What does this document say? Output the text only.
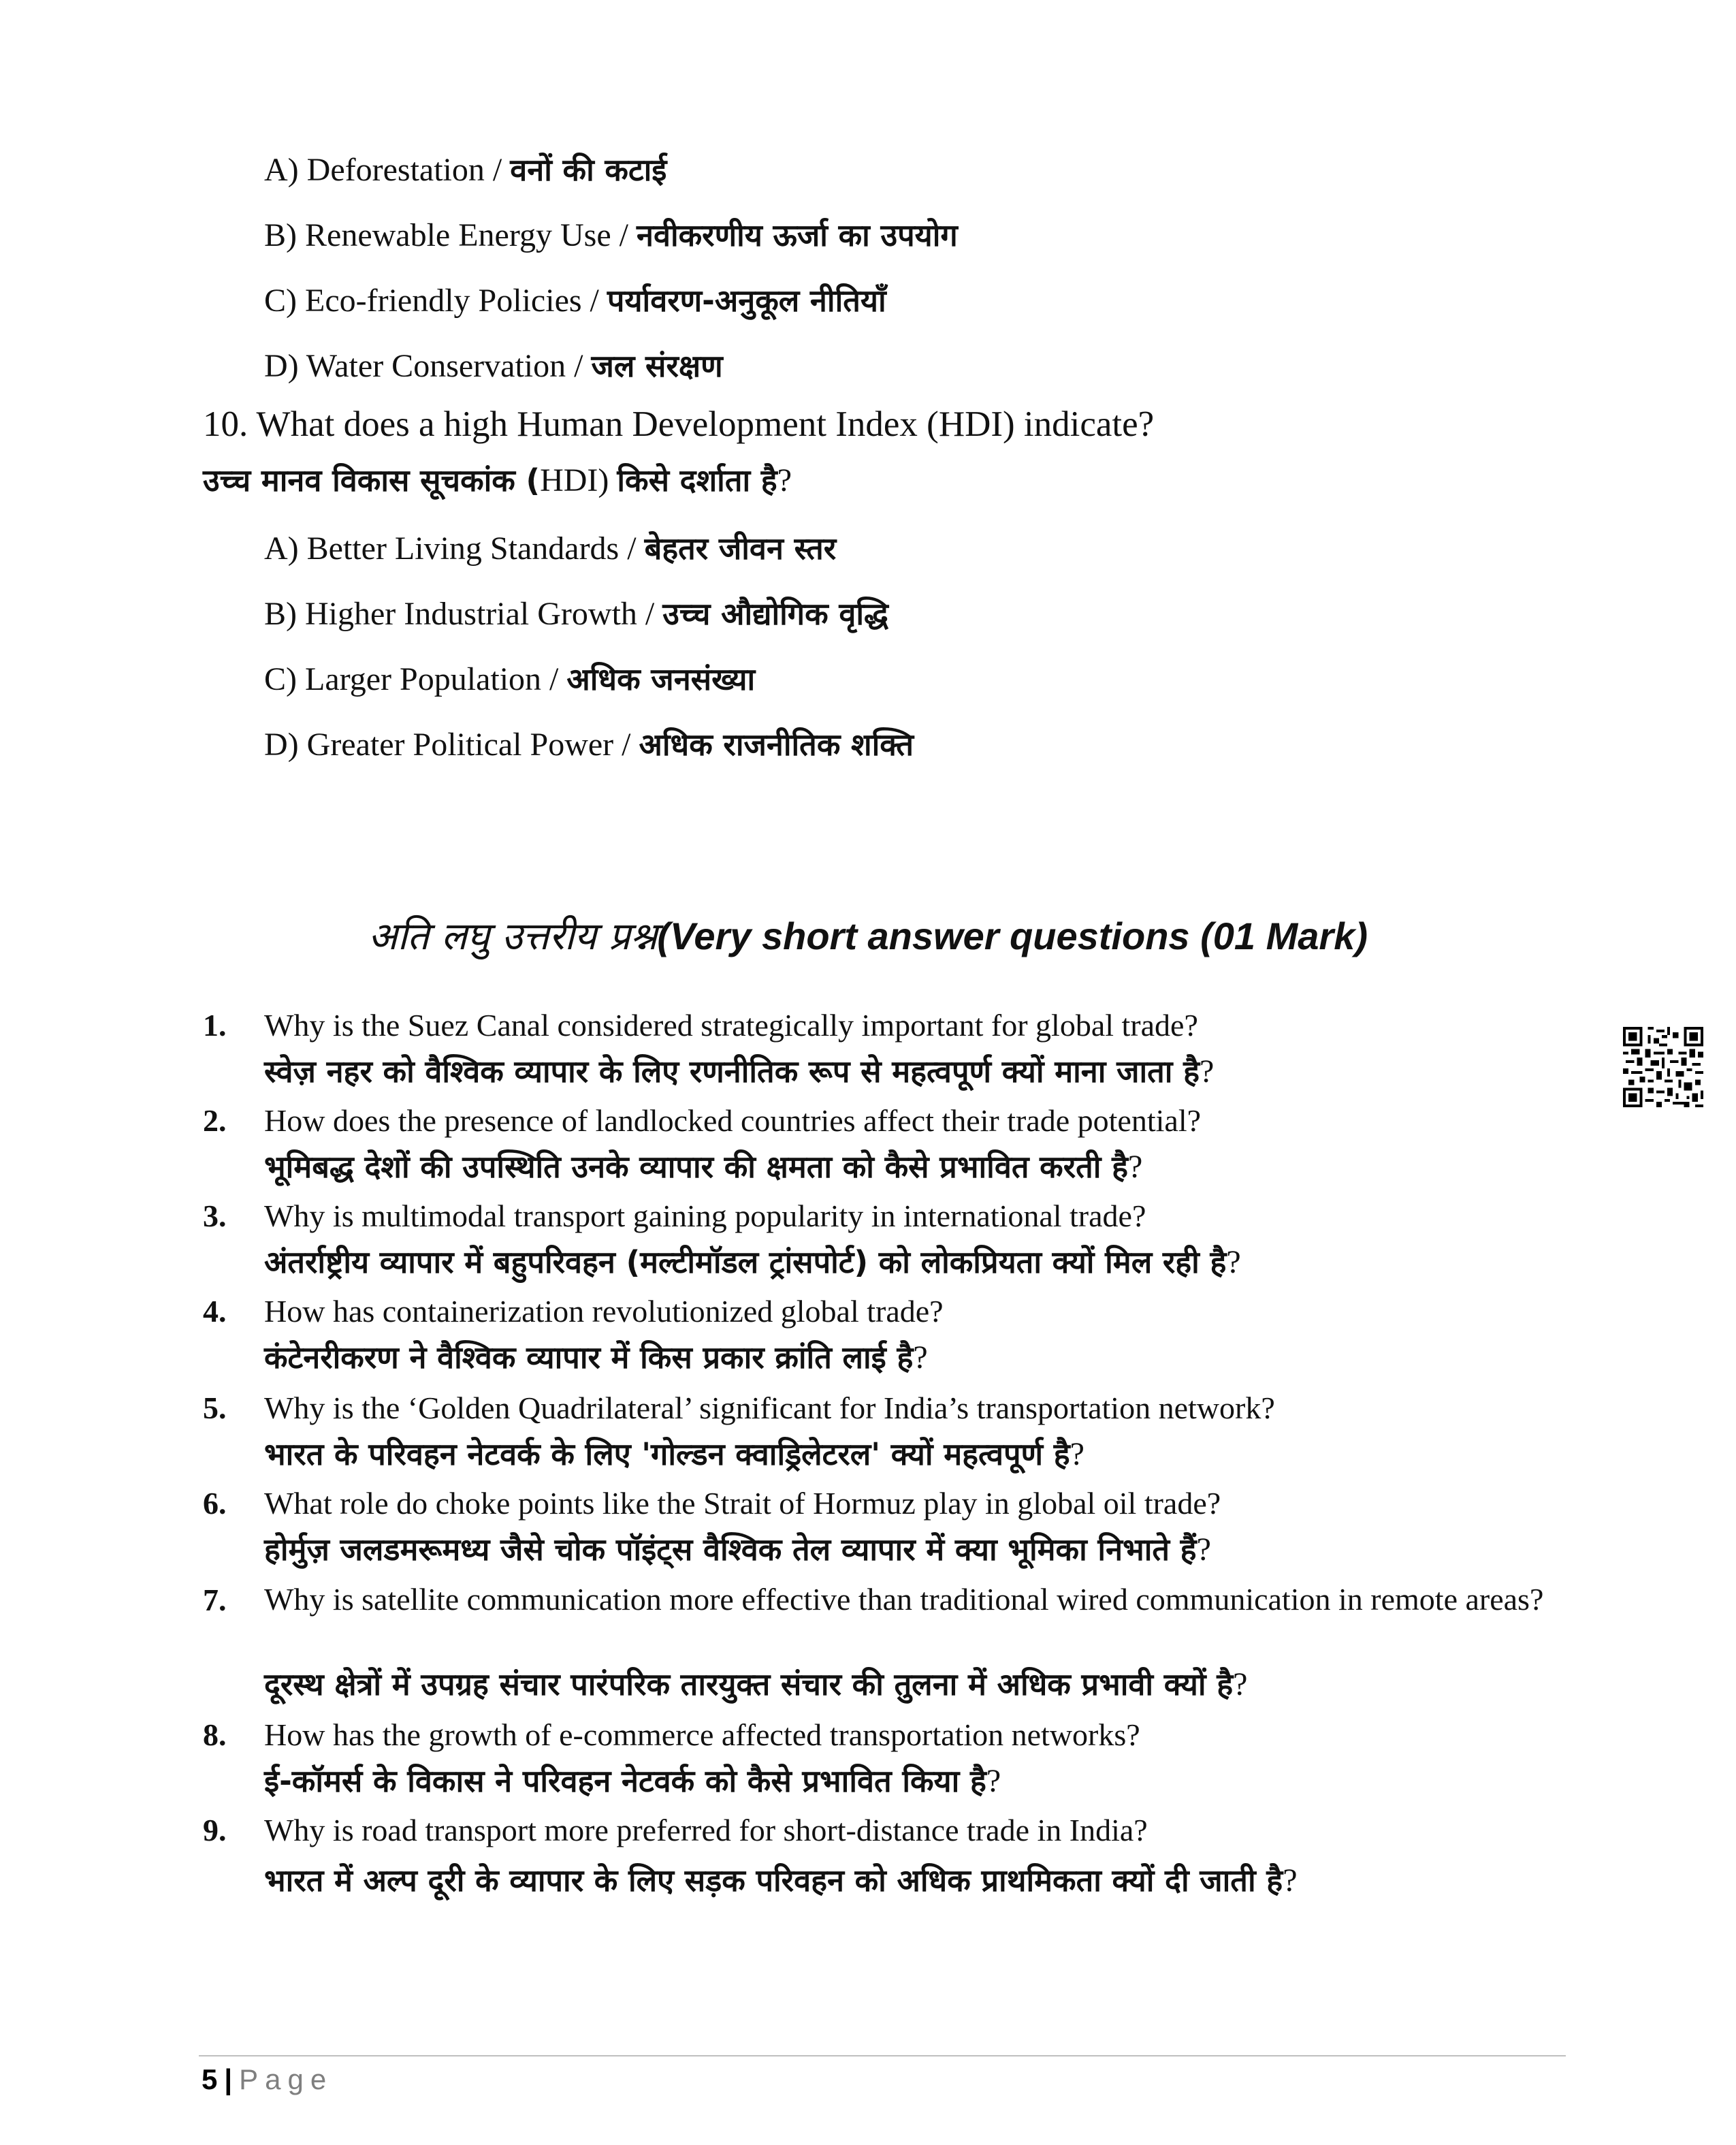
A) Deforestation / वनों की कटाई
B) Renewable Energy Use / नवीकरणीय ऊर्जा का उपयोग
C) Eco-friendly Policies / पर्यावरण-अनुकूल नीतियाँ
D) Water Conservation / जल संरक्षण
10. What does a high Human Development Index (HDI) indicate?
उच्च मानव विकास सूचकांक (HDI) किसे दर्शाता है?
A) Better Living Standards / बेहतर जीवन स्तर
B) Higher Industrial Growth / उच्च औद्योगिक वृद्धि
C) Larger Population / अधिक जनसंख्या
D) Greater Political Power / अधिक राजनीतिक शक्ति
अति लघु उत्तरीय प्रश्न(Very short answer questions (01 Mark)
1. Why is the Suez Canal considered strategically important for global trade?
स्वेज़ नहर को वैश्विक व्यापार के लिए रणनीतिक रूप से महत्वपूर्ण क्यों माना जाता है?
2. How does the presence of landlocked countries affect their trade potential?
भूमिबद्ध देशों की उपस्थिति उनके व्यापार की क्षमता को कैसे प्रभावित करती है?
3. Why is multimodal transport gaining popularity in international trade?
अंतर्राष्ट्रीय व्यापार में बहुपरिवहन (मल्टीमॉडल ट्रांसपोर्ट) को लोकप्रियता क्यों मिल रही है?
4. How has containerization revolutionized global trade?
कंटेनरीकरण ने वैश्विक व्यापार में किस प्रकार क्रांति लाई है?
5. Why is the ‘Golden Quadrilateral’ significant for India’s transportation network?
भारत के परिवहन नेटवर्क के लिए 'गोल्डन क्वाड्रिलेटरल' क्यों महत्वपूर्ण है?
6. What role do choke points like the Strait of Hormuz play in global oil trade?
होर्मुज़ जलडमरूमध्य जैसे चोक पॉइंट्स वैश्विक तेल व्यापार में क्या भूमिका निभाते हैं?
7. Why is satellite communication more effective than traditional wired communication in remote areas?
दूरस्थ क्षेत्रों में उपग्रह संचार पारंपरिक तारयुक्त संचार की तुलना में अधिक प्रभावी क्यों है?
8. How has the growth of e-commerce affected transportation networks?
ई-कॉमर्स के विकास ने परिवहन नेटवर्क को कैसे प्रभावित किया है?
9. Why is road transport more preferred for short-distance trade in India?
भारत में अल्प दूरी के व्यापार के लिए सड़क परिवहन को अधिक प्राथमिकता क्यों दी जाती है?
5 | Page
